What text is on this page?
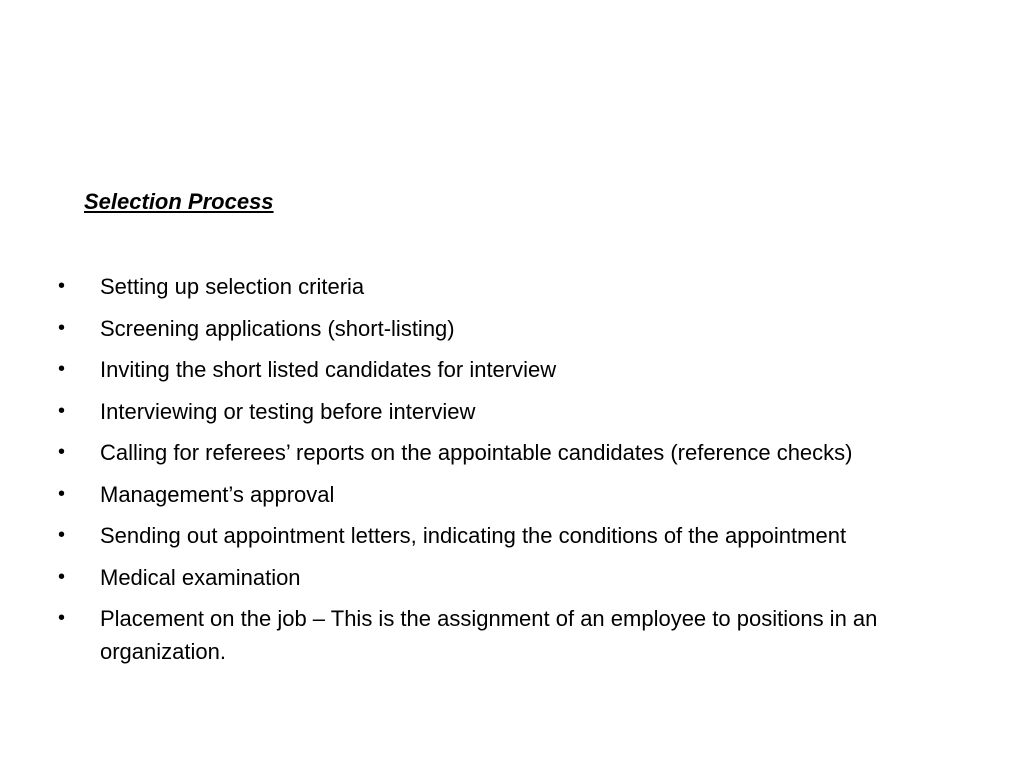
Selection Process
•	Setting up selection criteria
•	Screening applications (short-listing)
•	Inviting the short listed candidates for interview
•	Interviewing or testing before interview
•	Calling for referees’ reports on the appointable candidates (reference checks)
•	Management’s approval
•	Sending out appointment letters, indicating the conditions of the appointment
•	Medical examination
•	Placement on the job – This is the assignment of an employee to positions in an organization.
